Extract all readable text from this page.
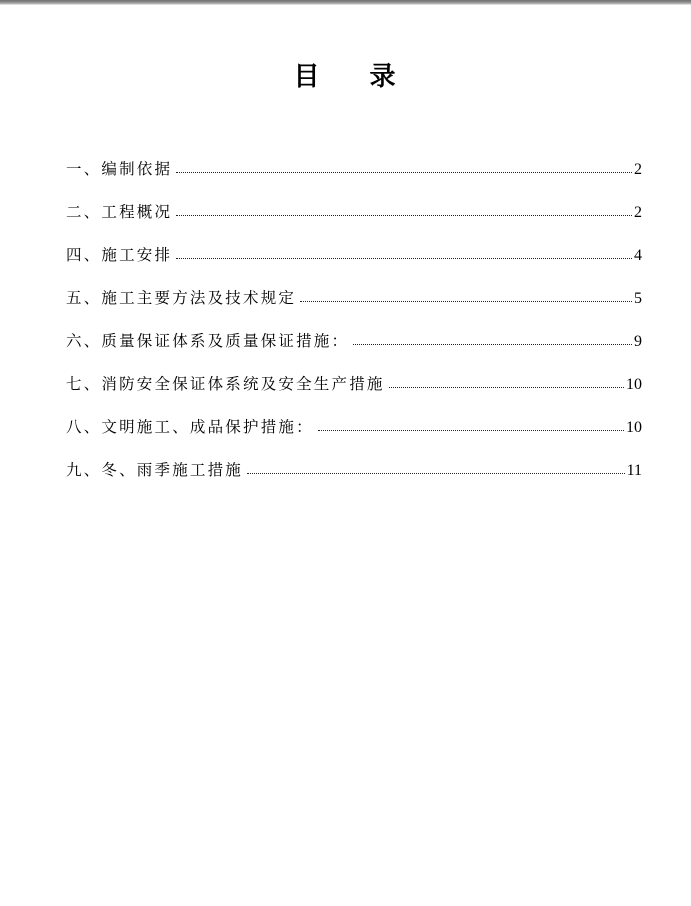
目 录
一、编制依据	2
二、工程概况	2
四、施工安排	4
五、施工主要方法及技术规定	5
六、质量保证体系及质量保证措施：	9
七、消防安全保证体系统及安全生产措施	10
八、文明施工、成品保护措施：	10
九、冬、雨季施工措施	11
